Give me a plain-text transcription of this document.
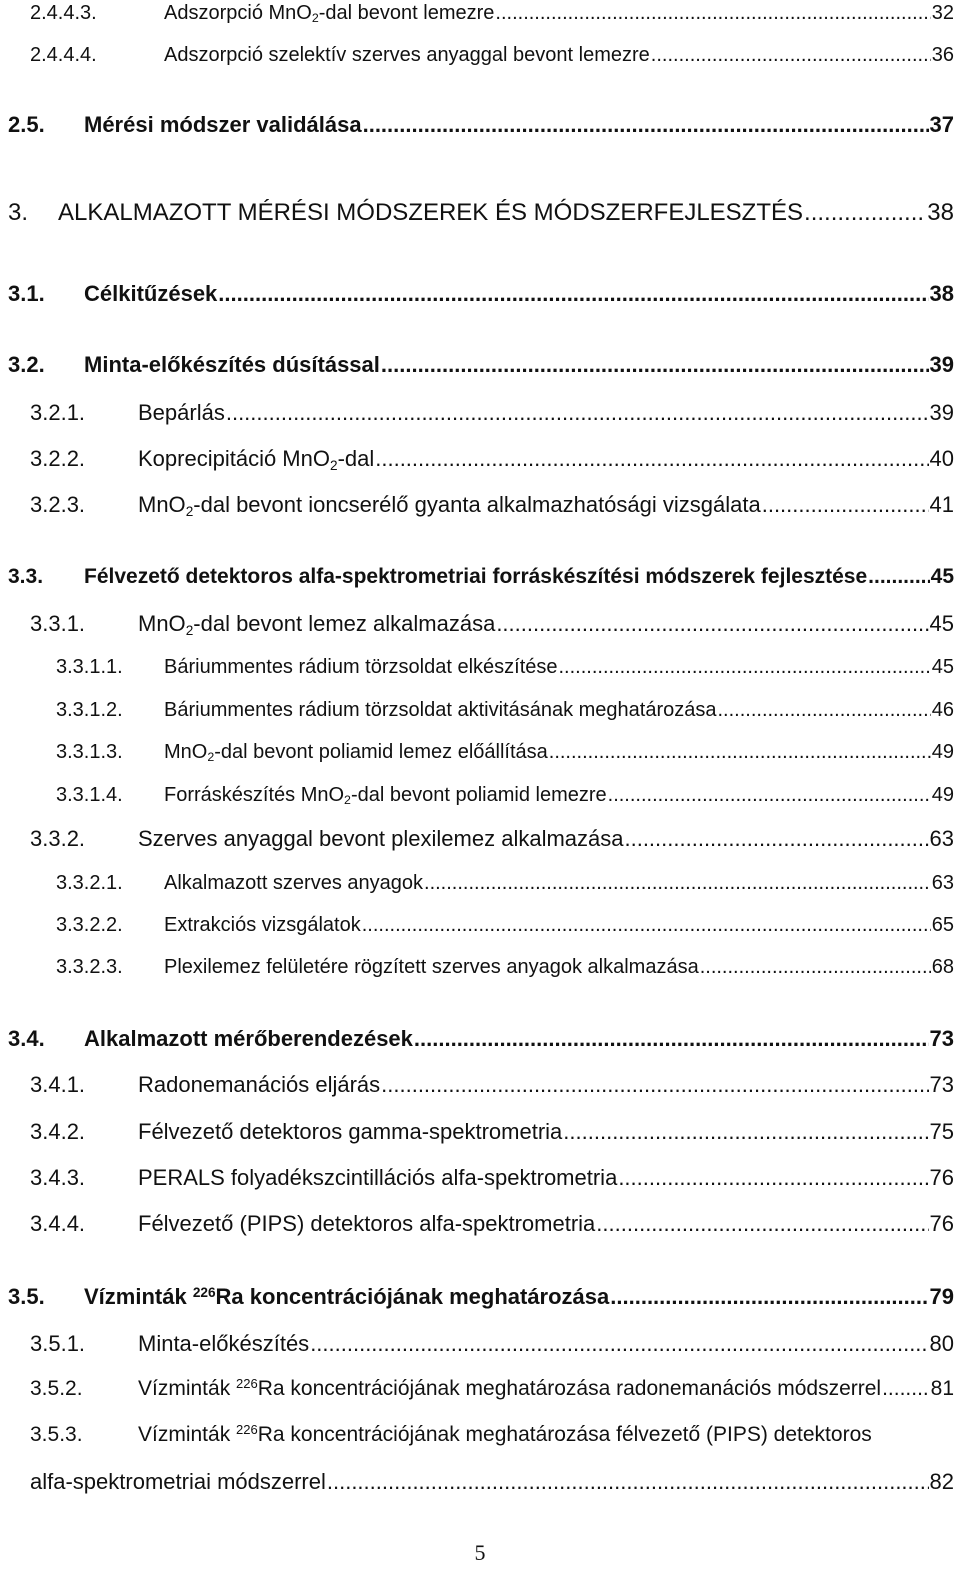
2.4.4.3.	Adszorpció MnO2-dal bevont lemezre .....	32
2.4.4.4.	Adszorpció szelektív szerves anyaggal bevont lemezre .....	36
2.5.	Mérési módszer validálása .....	37
3.	ALKALMAZOTT MÉRÉSI MÓDSZEREK ÉS MÓDSZERFEJLESZTÉS .....	38
3.1.	Célkitűzések .....	38
3.2.	Minta-előkészítés dúsítással .....	39
3.2.1.	Bepárlás .....	39
3.2.2.	Koprecipitáció MnO2-dal .....	40
3.2.3.	MnO2-dal bevont ioncserélő gyanta alkalmazhatósági vizsgálata .....	41
3.3.	Félvezető detektoros alfa-spektrometriai forráskészítési módszerek fejlesztése .....	45
3.3.1.	MnO2-dal bevont lemez alkalmazása .....	45
3.3.1.1.	Báriummentes rádium törzsoldat elkészítése .....	45
3.3.1.2.	Báriummentes rádium törzsoldat aktivitásának meghatározása .....	46
3.3.1.3.	MnO2-dal bevont poliamid lemez előállítása .....	49
3.3.1.4.	Forráskészítés MnO2-dal bevont poliamid lemezre .....	49
3.3.2.	Szerves anyaggal bevont plexilemez alkalmazása .....	63
3.3.2.1.	Alkalmazott szerves anyagok .....	63
3.3.2.2.	Extrakciós vizsgálatok .....	65
3.3.2.3.	Plexilemez felületére rögzített szerves anyagok alkalmazása .....	68
3.4.	Alkalmazott mérőberendezések .....	73
3.4.1.	Radonemanációs eljárás .....	73
3.4.2.	Félvezető detektoros gamma-spektrometria .....	75
3.4.3.	PERALS folyadékszcintillációs alfa-spektrometria .....	76
3.4.4.	Félvezető (PIPS) detektoros alfa-spektrometria .....	76
3.5.	Vízminták $^{226}$Ra koncentrációjának meghatározása .....	79
3.5.1.	Minta-előkészítés .....	80
3.5.2.	Vízminták $^{226}$Ra koncentrációjának meghatározása radonemanációs módszerrel ..... 81
3.5.3.	Vízminták $^{226}$Ra koncentrációjának meghatározása félvezető (PIPS) detektoros
alfa-spektrometriai módszerrel .....	82
5
